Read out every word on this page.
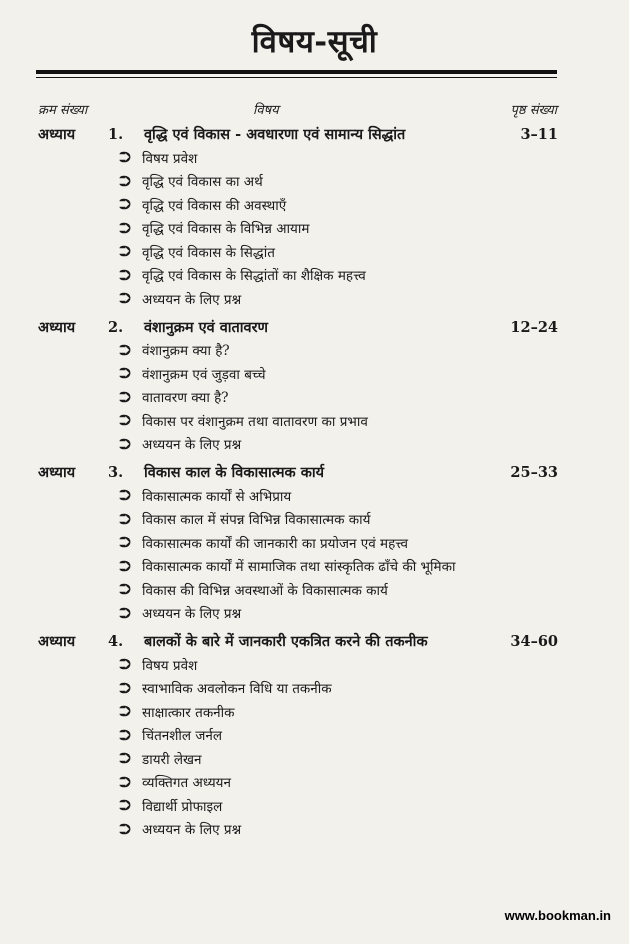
विषय-सूची
क्रम संख्या	विषय	पृष्ठ संख्या
अध्याय	1.	वृद्धि एवं विकास - अवधारणा एवं सामान्य सिद्धांत	3–11
⮊ विषय प्रवेश
⮊ वृद्धि एवं विकास का अर्थ
⮊ वृद्धि एवं विकास की अवस्थाएँ
⮊ वृद्धि एवं विकास के विभिन्न आयाम
⮊ वृद्धि एवं विकास के सिद्धांत
⮊ वृद्धि एवं विकास के सिद्धांतों का शैक्षिक महत्त्व
⮊ अध्ययन के लिए प्रश्न
अध्याय	2.	वंशानुक्रम एवं वातावरण	12–24
⮊ वंशानुक्रम क्या है?
⮊ वंशानुक्रम एवं जुड़वा बच्चे
⮊ वातावरण क्या है?
⮊ विकास पर वंशानुक्रम तथा वातावरण का प्रभाव
⮊ अध्ययन के लिए प्रश्न
अध्याय	3.	विकास काल के विकासात्मक कार्य	25–33
⮊ विकासात्मक कार्यों से अभिप्राय
⮊ विकास काल में संपन्न विभिन्न विकासात्मक कार्य
⮊ विकासात्मक कार्यों की जानकारी का प्रयोजन एवं महत्त्व
⮊ विकासात्मक कार्यों में सामाजिक तथा सांस्कृतिक ढाँचे की भूमिका
⮊ विकास की विभिन्न अवस्थाओं के विकासात्मक कार्य
⮊ अध्ययन के लिए प्रश्न
अध्याय	4.	बालकों के बारे में जानकारी एकत्रित करने की तकनीक	34–60
⮊ विषय प्रवेश
⮊ स्वाभाविक अवलोकन विधि या तकनीक
⮊ साक्षात्कार तकनीक
⮊ चिंतनशील जर्नल
⮊ डायरी लेखन
⮊ व्यक्तिगत अध्ययन
⮊ विद्यार्थी प्रोफाइल
⮊ अध्ययन के लिए प्रश्न
www.bookman.in
